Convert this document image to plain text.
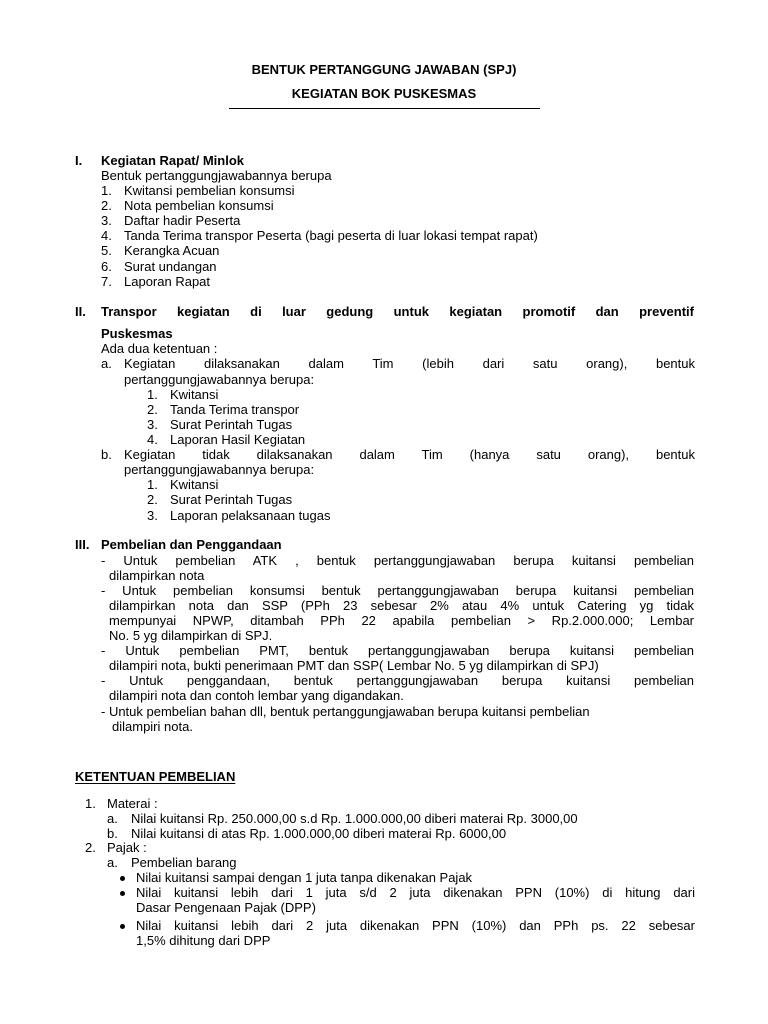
BENTUK PERTANGGUNG JAWABAN (SPJ)
KEGIATAN BOK PUSKESMAS
I. Kegiatan Rapat/ Minlok
Bentuk pertanggungjawabannya berupa
1. Kwitansi pembelian konsumsi
2. Nota pembelian konsumsi
3. Daftar hadir Peserta
4. Tanda Terima transpor Peserta (bagi peserta di luar lokasi tempat rapat)
5. Kerangka Acuan
6. Surat undangan
7. Laporan Rapat
II. Transpor kegiatan di luar gedung untuk kegiatan promotif dan preventif
Puskesmas
Ada dua ketentuan :
a. Kegiatan dilaksanakan dalam Tim (lebih dari satu orang), bentuk
pertanggungjawabannya berupa:
1. Kwitansi
2. Tanda Terima transpor
3. Surat Perintah Tugas
4. Laporan Hasil Kegiatan
b. Kegiatan tidak dilaksanakan dalam Tim (hanya satu orang), bentuk
pertanggungjawabannya berupa:
1. Kwitansi
2. Surat Perintah Tugas
3. Laporan pelaksanaan tugas
III. Pembelian dan Penggandaan
- Untuk pembelian ATK , bentuk pertanggungjawaban berupa kuitansi pembelian
dilampirkan nota
- Untuk pembelian konsumsi bentuk pertanggungjawaban berupa kuitansi pembelian
dilampirkan nota dan SSP (PPh 23 sebesar 2% atau 4% untuk Catering yg tidak
mempunyai NPWP, ditambah PPh 22 apabila pembelian > Rp.2.000.000; Lembar
No. 5 yg dilampirkan di SPJ.
- Untuk pembelian PMT, bentuk pertanggungjawaban berupa kuitansi pembelian
dilampiri nota, bukti penerimaan PMT dan SSP( Lembar No. 5 yg dilampirkan di SPJ)
- Untuk penggandaan, bentuk pertanggungjawaban berupa kuitansi pembelian
dilampiri nota dan contoh lembar yang digandakan.
- Untuk pembelian bahan dll, bentuk pertanggungjawaban berupa kuitansi pembelian
dilampiri nota.
KETENTUAN PEMBELIAN
1. Materai :
a. Nilai kuitansi Rp. 250.000,00 s.d Rp. 1.000.000,00 diberi materai Rp. 3000,00
b. Nilai kuitansi di atas Rp. 1.000.000,00 diberi materai Rp. 6000,00
2. Pajak :
a. Pembelian barang
Nilai kuitansi sampai dengan 1 juta tanpa dikenakan Pajak
Nilai kuitansi lebih dari 1 juta s/d 2 juta dikenakan PPN (10%) di hitung dari
Dasar Pengenaan Pajak (DPP)
Nilai kuitansi lebih dari 2 juta dikenakan PPN (10%) dan PPh ps. 22 sebesar
1,5% dihitung dari DPP
